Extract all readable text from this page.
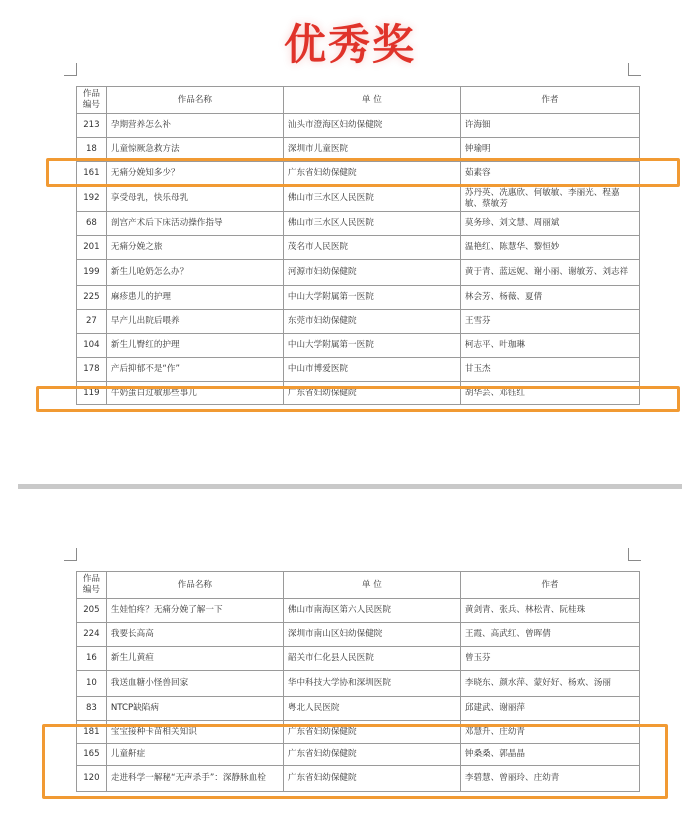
优秀奖
作品
编号	作品名称	单 位	作者
213	孕期营养怎么补	汕头市澄海区妇幼保健院	许海钿
18	儿童惊厥急救方法	深圳市儿童医院	钟瑜明
161	无痛分娩知多少？	广东省妇幼保健院	茹素容
192	享受母乳，快乐母乳	佛山市三水区人民医院	苏丹英、冼惠欣、何敏敏、李丽光、程嘉敏、蔡敏芳
68	剖宫产术后下床活动操作指导	佛山市三水区人民医院	莫务珍、刘文慧、周丽斌
201	无痛分娩之旅	茂名市人民医院	温艳红、陈慧华、黎恒妙
199	新生儿呛奶怎么办？	河源市妇幼保健院	黄于青、蓝远妮、谢小丽、谢敏芳、刘志祥
225	麻疹患儿的护理	中山大学附属第一医院	林会芳、杨薇、夏倩
27	早产儿出院后喂养	东莞市妇幼保健院	王雪芬
104	新生儿臀红的护理	中山大学附属第一医院	柯志平、叶珈琳
178	产后抑郁不是“作”	中山市博爱医院	甘玉杰
119	牛奶蛋白过敏那些事儿	广东省妇幼保健院	胡华芸、邓钰红
作品
编号	作品名称	单 位	作者
205	生娃怕疼？无痛分娩了解一下	佛山市南海区第六人民医院	黄剑青、张兵、林松青、阮桂珠
224	我要长高高	深圳市南山区妇幼保健院	王霞、高武红、曾晖倩
16	新生儿黄疸	韶关市仁化县人民医院	曾玉芬
10	我送血糖小怪兽回家	华中科技大学协和深圳医院	李晓东、颜水萍、蒙好好、杨欢、汤丽
83	NTCP缺陷病	粤北人民医院	邱建武、谢丽萍
181	宝宝接种卡苗相关知识	广东省妇幼保健院	邓慧升、庄幼青
165	儿童鼾症	广东省妇幼保健院	钟桑桑、郭晶晶
120	走进科学一解秘“无声杀手”：深静脉血栓	广东省妇幼保健院	李碧慧、曾丽玲、庄幼青
